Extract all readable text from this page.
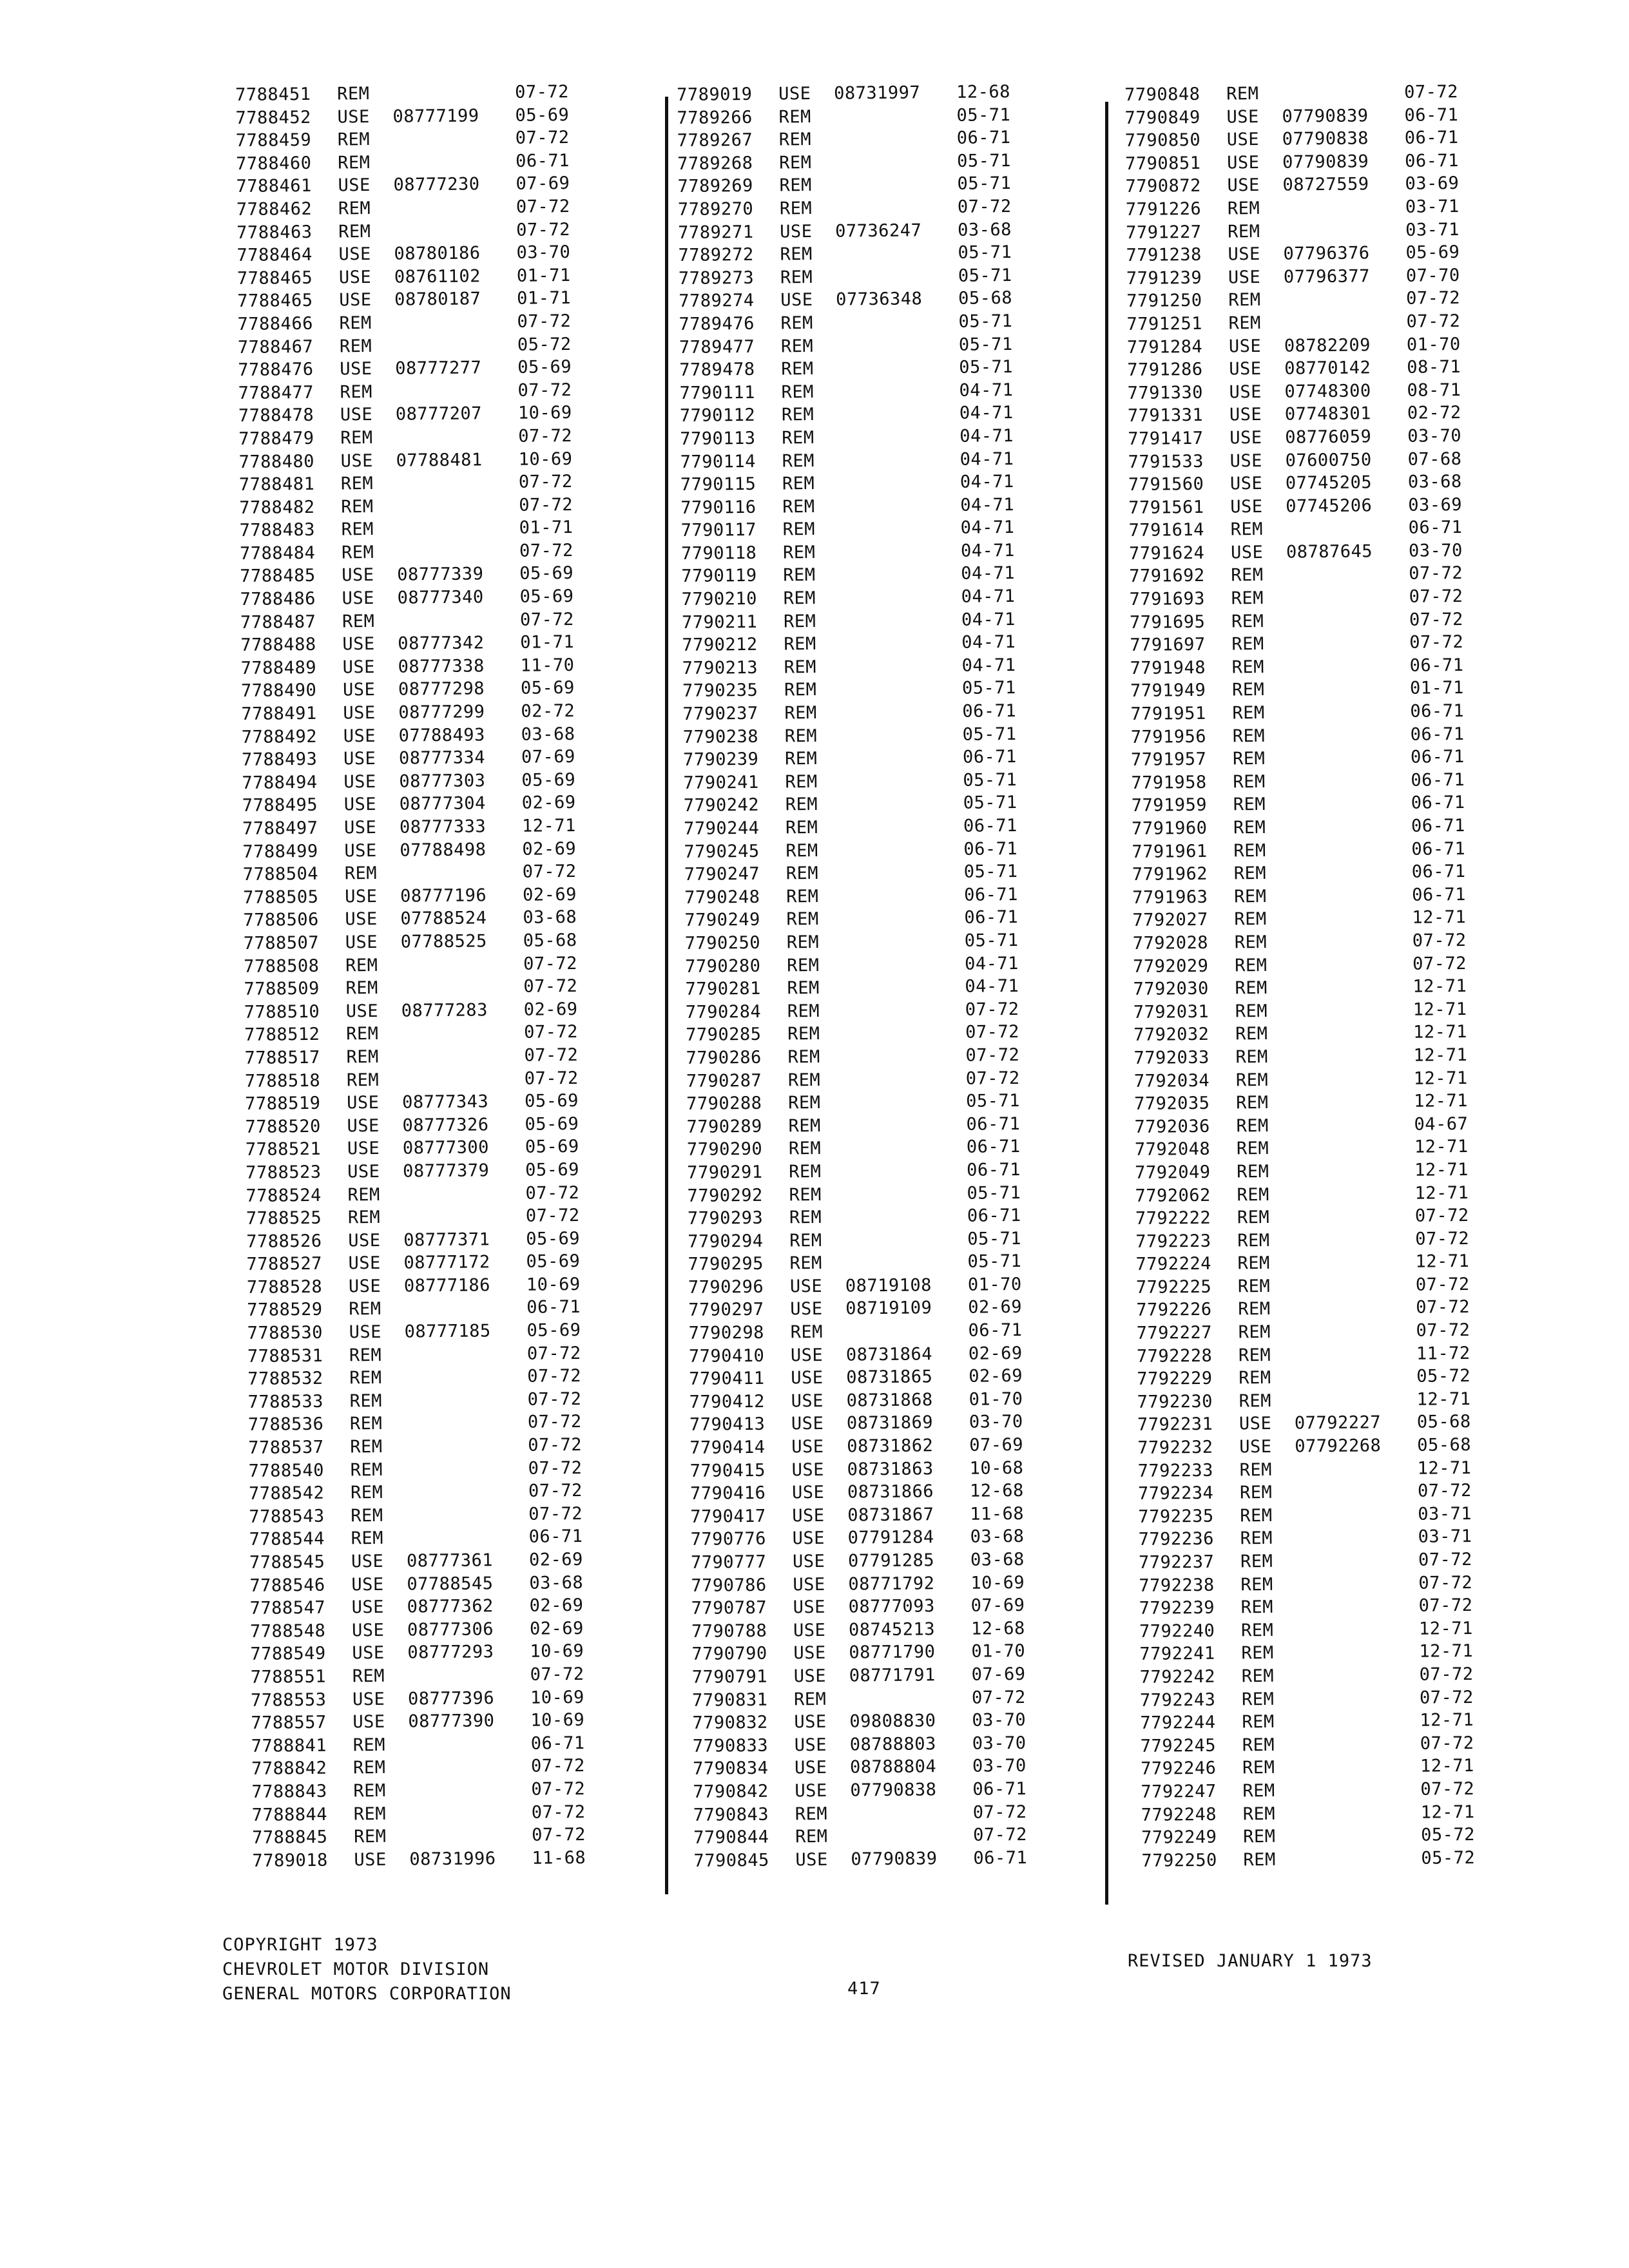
7788451	REM	07-72
7788452	USE	08777199	05-69
7788459	REM	07-72
7788460	REM	06-71
7788461	USE	08777230	07-69
7788462	REM	07-72
7788463	REM	07-72
7788464	USE	08780186	03-70
7788465	USE	08761102	01-71
7788465	USE	08780187	01-71
7788466	REM	07-72
7788467	REM	05-72
7788476	USE	08777277	05-69
7788477	REM	07-72
7788478	USE	08777207	10-69
7788479	REM	07-72
7788480	USE	07788481	10-69
7788481	REM	07-72
7788482	REM	07-72
7788483	REM	01-71
7788484	REM	07-72
7788485	USE	08777339	05-69
7788486	USE	08777340	05-69
7788487	REM	07-72
7788488	USE	08777342	01-71
7788489	USE	08777338	11-70
7788490	USE	08777298	05-69
7788491	USE	08777299	02-72
7788492	USE	07788493	03-68
7788493	USE	08777334	07-69
7788494	USE	08777303	05-69
7788495	USE	08777304	02-69
7788497	USE	08777333	12-71
7788499	USE	07788498	02-69
7788504	REM	07-72
7788505	USE	08777196	02-69
7788506	USE	07788524	03-68
7788507	USE	07788525	05-68
7788508	REM	07-72
7788509	REM	07-72
7788510	USE	08777283	02-69
7788512	REM	07-72
7788517	REM	07-72
7788518	REM	07-72
7788519	USE	08777343	05-69
7788520	USE	08777326	05-69
7788521	USE	08777300	05-69
7788523	USE	08777379	05-69
7788524	REM	07-72
7788525	REM	07-72
7788526	USE	08777371	05-69
7788527	USE	08777172	05-69
7788528	USE	08777186	10-69
7788529	REM	06-71
7788530	USE	08777185	05-69
7788531	REM	07-72
7788532	REM	07-72
7788533	REM	07-72
7788536	REM	07-72
7788537	REM	07-72
7788540	REM	07-72
7788542	REM	07-72
7788543	REM	07-72
7788544	REM	06-71
7788545	USE	08777361	02-69
7788546	USE	07788545	03-68
7788547	USE	08777362	02-69
7788548	USE	08777306	02-69
7788549	USE	08777293	10-69
7788551	REM	07-72
7788553	USE	08777396	10-69
7788557	USE	08777390	10-69
7788841	REM	06-71
7788842	REM	07-72
7788843	REM	07-72
7788844	REM	07-72
7788845	REM	07-72
7789018	USE	08731996	11-68
7789019	USE	08731997	12-68
7789266	REM	05-71
7789267	REM	06-71
7789268	REM	05-71
7789269	REM	05-71
7789270	REM	07-72
7789271	USE	07736247	03-68
7789272	REM	05-71
7789273	REM	05-71
7789274	USE	07736348	05-68
7789476	REM	05-71
7789477	REM	05-71
7789478	REM	05-71
7790111	REM	04-71
7790112	REM	04-71
7790113	REM	04-71
7790114	REM	04-71
7790115	REM	04-71
7790116	REM	04-71
7790117	REM	04-71
7790118	REM	04-71
7790119	REM	04-71
7790210	REM	04-71
7790211	REM	04-71
7790212	REM	04-71
7790213	REM	04-71
7790235	REM	05-71
7790237	REM	06-71
7790238	REM	05-71
7790239	REM	06-71
7790241	REM	05-71
7790242	REM	05-71
7790244	REM	06-71
7790245	REM	06-71
7790247	REM	05-71
7790248	REM	06-71
7790249	REM	06-71
7790250	REM	05-71
7790280	REM	04-71
7790281	REM	04-71
7790284	REM	07-72
7790285	REM	07-72
7790286	REM	07-72
7790287	REM	07-72
7790288	REM	05-71
7790289	REM	06-71
7790290	REM	06-71
7790291	REM	06-71
7790292	REM	05-71
7790293	REM	06-71
7790294	REM	05-71
7790295	REM	05-71
7790296	USE	08719108	01-70
7790297	USE	08719109	02-69
7790298	REM	06-71
7790410	USE	08731864	02-69
7790411	USE	08731865	02-69
7790412	USE	08731868	01-70
7790413	USE	08731869	03-70
7790414	USE	08731862	07-69
7790415	USE	08731863	10-68
7790416	USE	08731866	12-68
7790417	USE	08731867	11-68
7790776	USE	07791284	03-68
7790777	USE	07791285	03-68
7790786	USE	08771792	10-69
7790787	USE	08777093	07-69
7790788	USE	08745213	12-68
7790790	USE	08771790	01-70
7790791	USE	08771791	07-69
7790831	REM	07-72
7790832	USE	09808830	03-70
7790833	USE	08788803	03-70
7790834	USE	08788804	03-70
7790842	USE	07790838	06-71
7790843	REM	07-72
7790844	REM	07-72
7790845	USE	07790839	06-71
7790848	REM	07-72
7790849	USE	07790839	06-71
7790850	USE	07790838	06-71
7790851	USE	07790839	06-71
7790872	USE	08727559	03-69
7791226	REM	03-71
7791227	REM	03-71
7791238	USE	07796376	05-69
7791239	USE	07796377	07-70
7791250	REM	07-72
7791251	REM	07-72
7791284	USE	08782209	01-70
7791286	USE	08770142	08-71
7791330	USE	07748300	08-71
7791331	USE	07748301	02-72
7791417	USE	08776059	03-70
7791533	USE	07600750	07-68
7791560	USE	07745205	03-68
7791561	USE	07745206	03-69
7791614	REM	06-71
7791624	USE	08787645	03-70
7791692	REM	07-72
7791693	REM	07-72
7791695	REM	07-72
7791697	REM	07-72
7791948	REM	06-71
7791949	REM	01-71
7791951	REM	06-71
7791956	REM	06-71
7791957	REM	06-71
7791958	REM	06-71
7791959	REM	06-71
7791960	REM	06-71
7791961	REM	06-71
7791962	REM	06-71
7791963	REM	06-71
7792027	REM	12-71
7792028	REM	07-72
7792029	REM	07-72
7792030	REM	12-71
7792031	REM	12-71
7792032	REM	12-71
7792033	REM	12-71
7792034	REM	12-71
7792035	REM	12-71
7792036	REM	04-67
7792048	REM	12-71
7792049	REM	12-71
7792062	REM	12-71
7792222	REM	07-72
7792223	REM	07-72
7792224	REM	12-71
7792225	REM	07-72
7792226	REM	07-72
7792227	REM	07-72
7792228	REM	11-72
7792229	REM	05-72
7792230	REM	12-71
7792231	USE	07792227	05-68
7792232	USE	07792268	05-68
7792233	REM	12-71
7792234	REM	07-72
7792235	REM	03-71
7792236	REM	03-71
7792237	REM	07-72
7792238	REM	07-72
7792239	REM	07-72
7792240	REM	12-71
7792241	REM	12-71
7792242	REM	07-72
7792243	REM	07-72
7792244	REM	12-71
7792245	REM	07-72
7792246	REM	12-71
7792247	REM	07-72
7792248	REM	12-71
7792249	REM	05-72
7792250	REM	05-72
COPYRIGHT 1973
CHEVROLET MOTOR DIVISION
GENERAL MOTORS CORPORATION	417
REVISED JANUARY 1 1973
